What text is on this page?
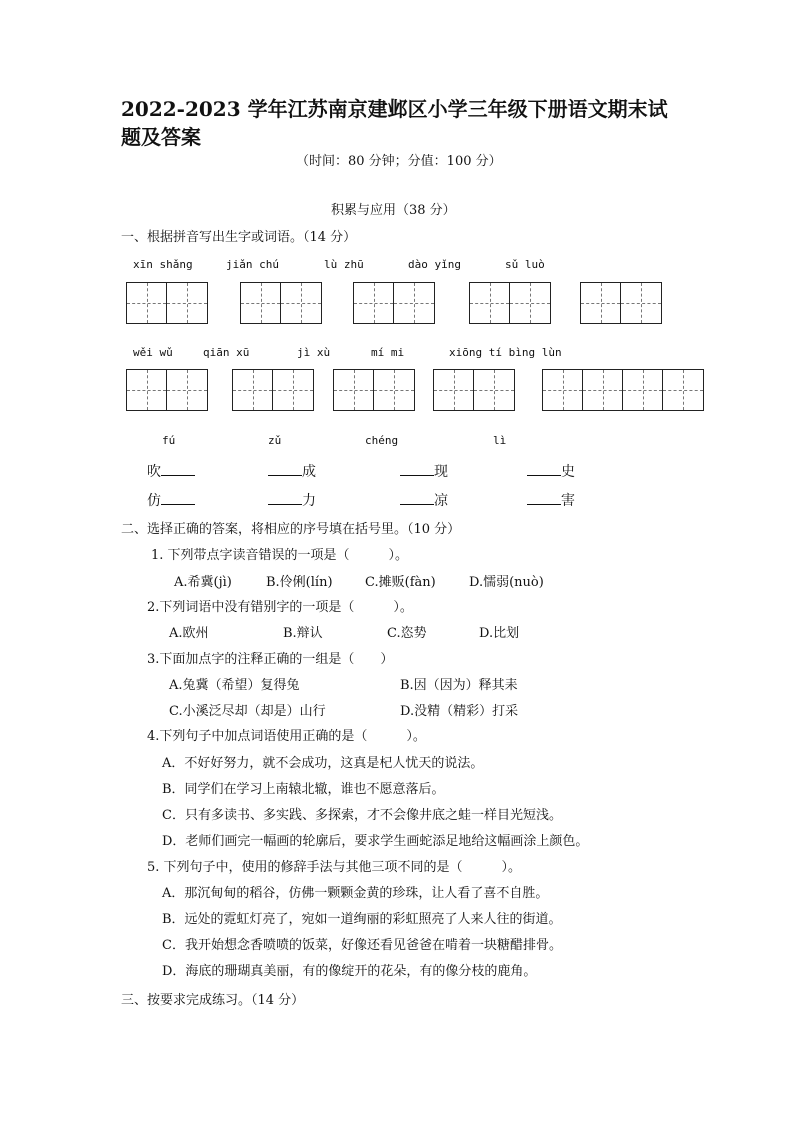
2022-2023 学年江苏南京建邺区小学三年级下册语文期末试
题及答案
（时间：80 分钟；分值：100 分）
积累与应用（38 分）
一、根据拼音写出生字或词语。（14 分）
xīn shǎng	jiǎn chú	lù zhū	dào yǐng	sǔ luò
wěi wǔ	qiān xū	jì xù	mí mi	xiōng tí bìng lùn
fú	zǔ	chéng	lì
吹	成	现	史
仿	力	凉	害
二、选择正确的答案，将相应的序号填在括号里。（10 分）
1. 下列带点字读音错误的一项是（　　　）。
A.希冀(jì)	B.伶俐(lín) C.摊贩(fàn)	D.懦弱(nuò)
2.下列词语中没有错别字的一项是（　　　）。
A.欧州	B.辩认	C.恣势	D.比划
3.下面加点字的注释正确的一组是（　　）
A.兔冀（希望）复得兔	B.因（因为）释其耒
C.小溪泛尽却（却是）山行	D.没精（精彩）打采
4.下列句子中加点词语使用正确的是（　　　）。
A．不好好努力，就不会成功，这真是杞人忧天的说法。
B．同学们在学习上南辕北辙，谁也不愿意落后。
C．只有多读书、多实践、多探索，才不会像井底之蛙一样目光短浅。
D．老师们画完一幅画的轮廓后，要求学生画蛇添足地给这幅画涂上颜色。
5. 下列句子中，使用的修辞手法与其他三项不同的是（　　　）。
A．那沉甸甸的稻谷，仿佛一颗颗金黄的珍珠，让人看了喜不自胜。
B．远处的霓虹灯亮了，宛如一道绚丽的彩虹照亮了人来人往的街道。
C．我开始想念香喷喷的饭菜，好像还看见爸爸在啃着一块糖醋排骨。
D．海底的珊瑚真美丽，有的像绽开的花朵，有的像分枝的鹿角。
三、按要求完成练习。（14 分）
